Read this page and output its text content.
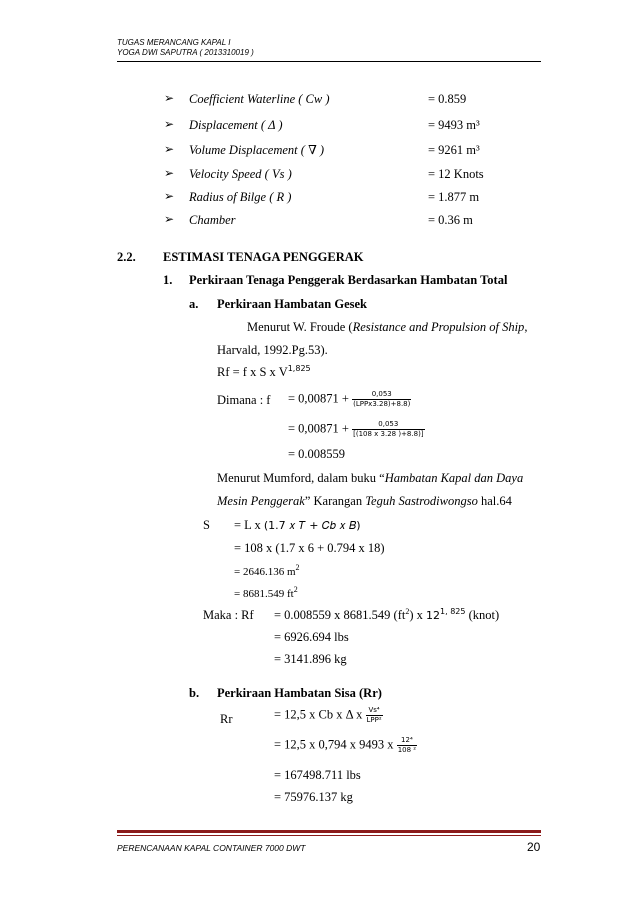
TUGAS MERANCANG KAPAL I
YOGA DWI SAPUTRA ( 2013310019 )
➢ Coefficient Waterline ( Cw )	= 0.859
➢ Displacement ( Δ )	= 9493 m³
➢ Volume Displacement ( ∇ )	= 9261 m³
➢ Velocity Speed ( Vs )	= 12 Knots
➢ Radius of Bilge ( R )	= 1.877 m
➢ Chamber	= 0.36 m
2.2. ESTIMASI TENAGA PENGGERAK
1. Perkiraan Tenaga Penggerak Berdasarkan Hambatan Total
a. Perkiraan Hambatan Gesek
Menurut W. Froude (Resistance and Propulsion of Ship,
Harvald, 1992.Pg.53).
Rf = f x S x V$^{1,825}$
Dimana : $f = 0,00871 + \frac{0,053}{\text{(LPPx3.28)+8.8)}}$
= $0,00871 + \frac{0,053}{[(108 x 3.28 )+8.8)]}$
= 0.008559
Menurut Mumford, dalam buku “Hambatan Kapal dan Daya
Mesin Penggerak” Karangan Teguh Sastrodiwongso hal.64
S = L x (1.7 𝑥 𝑇 + 𝐶𝑏 𝑥 𝐵)
= 108 x (1.7 x 6 + 0.794 x 18)
= 2646.136 $m^2$
= 8681.549 $ft^2$
Maka : Rf = 0.008559 x 8681.549 $(ft^2)$ x 12$^{1, 825}$ (knot)
= 6926.694 lbs
= 3141.896 kg
b. Perkiraan Hambatan Sisa (Rr)
Rr	= 12,5 x Cb x Δ x $\frac{\text{Vs⁴}}{\text{LPP²}}$
= 12,5 x 0,794 x 9493 x $\frac{\text{12⁴}}{\text{108 ²}}$
= 167498.711 lbs
= 75976.137 kg
PERENCANAAN KAPAL CONTAINER 7000 DWT	20
